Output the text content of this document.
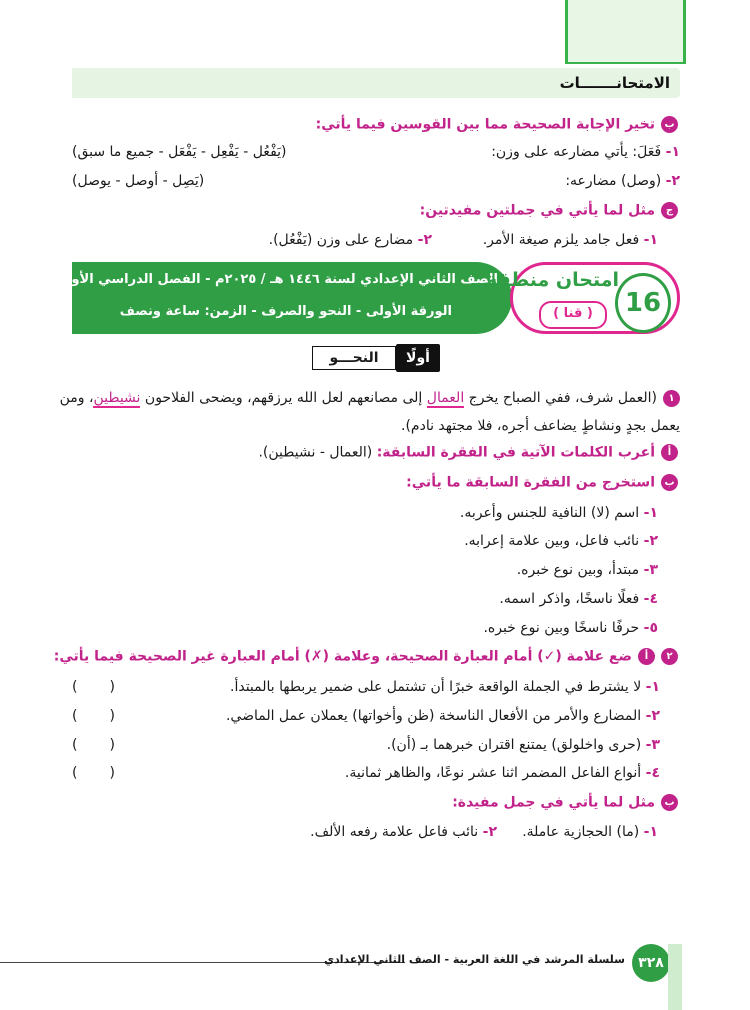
الامتحانـــــــات
بتخير الإجابة الصحيحة مما بين القوسين فيما يأتي:
١- فَعَلَ: يأتي مضارعه على وزن:
(يَفْعُل - يَفْعِل - يَفْعَل - جميع ما سبق)
٢- (وصل) مضارعه:
(يَصِل - أوصل - يوصل)
جمثل لما يأتي في جملتين مفيدتين:
١- فعل جامد يلزم صيغة الأمر.
٢- مضارع على وزن (يَفْعُل).
الصف الثاني الإعدادي لسنة ١٤٤٦ هـ / ٢٠٢٥م - الفصل الدراسي الأول
الورقة الأولى - النحو والصرف - الزمن: ساعة ونصف
امتحان منطقة
( قنا )	16
أولًا
النحـــو
١(العمل شرف، ففي الصباح يخرج العمال إلى مصانعهم لعل الله يرزقهم، ويضحى الفلاحون نشيطين، ومن
يعمل بجدٍ ونشاطٍ يضاعف أجره، فلا مجتهد نادم).
أأعرب الكلمات الآتية في الفقرة السابقة: (العمال - نشيطين).
باستخرج من الفقرة السابقة ما يأتي:
١- اسم (لا) النافية للجنس وأعربه.
٢- نائب فاعل، وبين علامة إعرابه.
٣- مبتدأ، وبين نوع خبره.
٤- فعلًا ناسخًا، واذكر اسمه.
٥- حرفًا ناسخًا وبين نوع خبره.
٢أضع علامة (✓) أمام العبارة الصحيحة، وعلامة (✗) أمام العبارة غير الصحيحة فيما يأتي:
١- لا يشترط في الجملة الواقعة خبرًا أن تشتمل على ضمير يربطها بالمبتدأ.
()
٢- المضارع والأمر من الأفعال الناسخة (ظن وأخواتها) يعملان عمل الماضي.
()
٣- (حرى واخلولق) يمتنع اقتران خبرهما بـ (أن).
()
٤- أنواع الفاعل المضمر اثنا عشر نوعًا، والظاهر ثمانية.
()
بمثل لما يأتي في جمل مفيدة:
١- (ما) الحجازية عاملة.
٢- نائب فاعل علامة رفعه الألف.
سلسلة المرشد في اللغة العربية - الصف الثاني الإعدادي ٣٢٨
